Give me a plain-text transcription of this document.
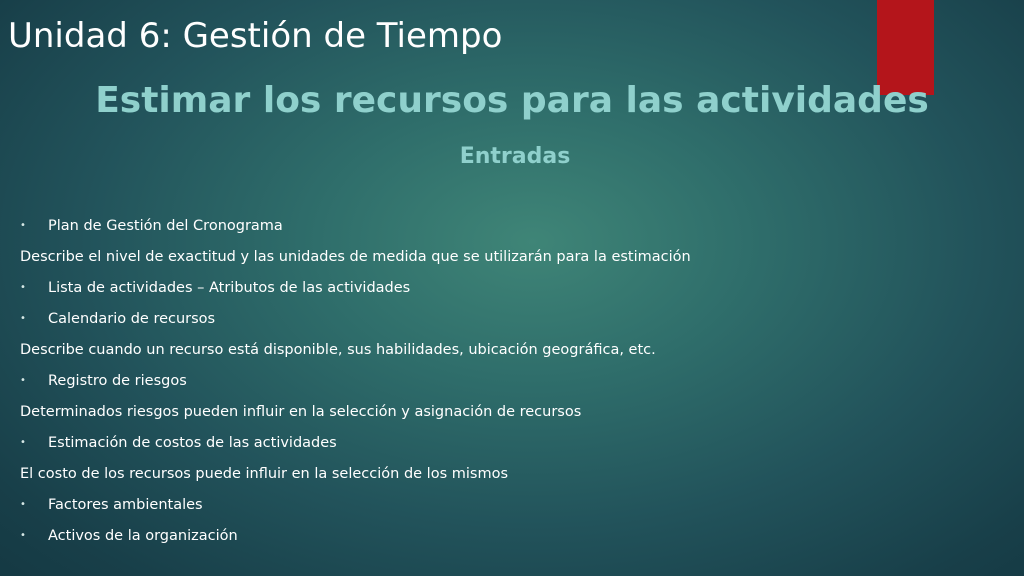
Unidad 6: Gestión de Tiempo
Estimar los recursos para las actividades
Entradas
• Plan de Gestión del Cronograma
Describe el nivel de exactitud y las unidades de medida que se utilizarán para la estimación
• Lista de actividades – Atributos de las actividades
• Calendario de recursos
Describe cuando un recurso está disponible, sus habilidades, ubicación geográfica, etc.
• Registro de riesgos
Determinados riesgos pueden influir en la selección y asignación de recursos
• Estimación de costos de las actividades
El costo de los recursos puede influir en la selección de los mismos
• Factores ambientales
• Activos de la organización
